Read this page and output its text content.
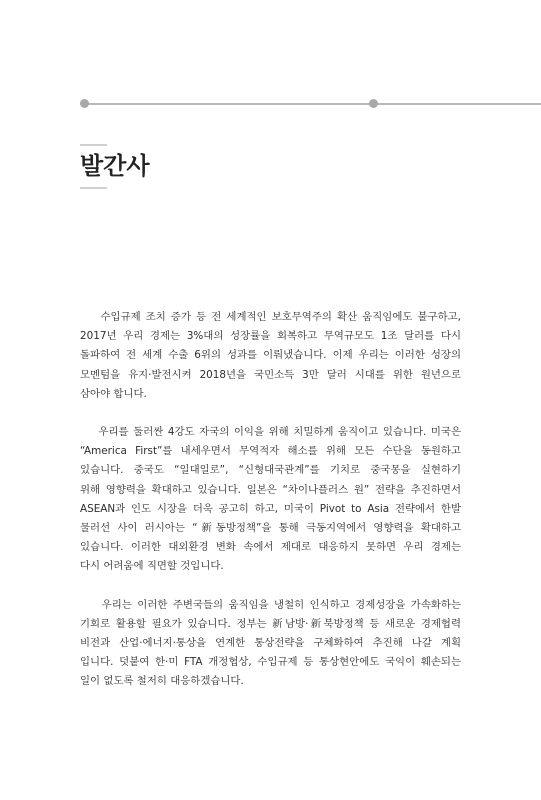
발간사

수입규제 조치 증가 등 전 세계적인 보호무역주의 확산 움직임에도 불구하고,
2017년 우리 경제는 3%대의 성장률을 회복하고 무역규모도 1조 달러를 다시
돌파하여 전 세계 수출 6위의 성과를 이뤄냈습니다. 이제 우리는 이러한 성장의
모멘텀을 유지·발전시켜 2018년을 국민소득 3만 달러 시대를 위한 원년으로
삼아야 합니다.

우리를 둘러싼 4강도 자국의 이익을 위해 치밀하게 움직이고 있습니다. 미국은
“America First”를 내세우면서 무역적자 해소를 위해 모든 수단을 동원하고
있습니다. 중국도 “일대일로”, “신형대국관계”를 기치로 중국몽을 실현하기
위해 영향력을 확대하고 있습니다. 일본은 “차이나플러스 원” 전략을 추진하면서
ASEAN과 인도 시장을 더욱 공고히 하고, 미국이 Pivot to Asia 전략에서 한발
물러선 사이 러시아는 “新동방정책”을 통해 극동지역에서 영향력을 확대하고
있습니다. 이러한 대외환경 변화 속에서 제대로 대응하지 못하면 우리 경제는
다시 어려움에 직면할 것입니다.

우리는 이러한 주변국들의 움직임을 냉철히 인식하고 경제성장을 가속화하는
기회로 활용할 필요가 있습니다. 정부는 新남방·新북방정책 등 새로운 경제협력
비전과 산업·에너지·통상을 연계한 통상전략을 구체화하여 추진해 나갈 계획
입니다. 덧붙여 한·미 FTA 개정협상, 수입규제 등 통상현안에도 국익이 훼손되는
일이 없도록 철저히 대응하겠습니다.
